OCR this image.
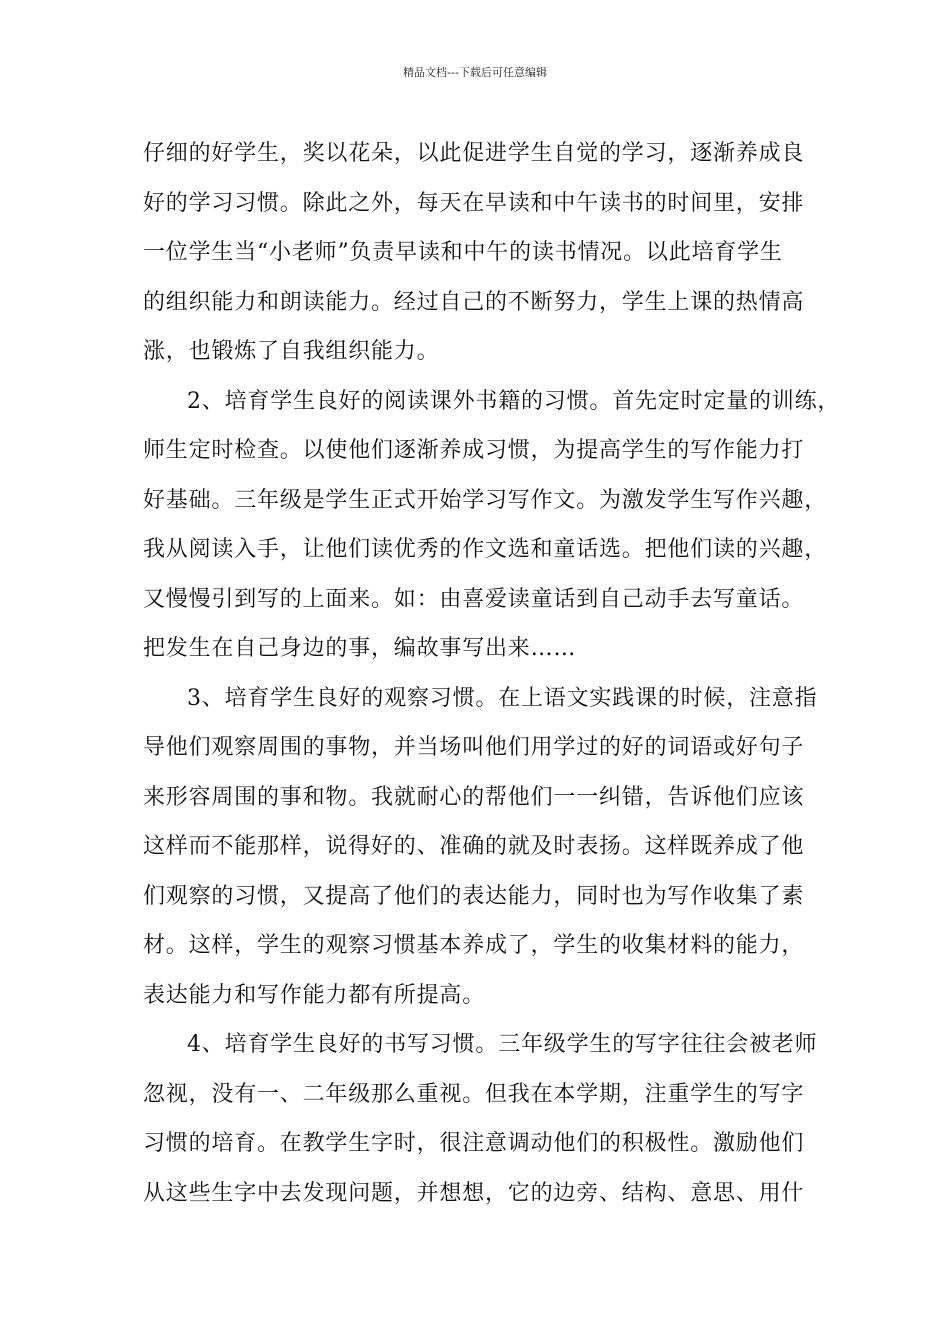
精品文档---下载后可任意编辑
仔细的好学生，奖以花朵，以此促进学生自觉的学习，逐渐养成良
好的学习习惯。除此之外，每天在早读和中午读书的时间里，安排
一位学生当“小老师”负责早读和中午的读书情况。以此培育学生
的组织能力和朗读能力。经过自己的不断努力，学生上课的热情高
涨，也锻炼了自我组织能力。
2、培育学生良好的阅读课外书籍的习惯。首先定时定量的训练，
师生定时检查。以使他们逐渐养成习惯，为提高学生的写作能力打
好基础。三年级是学生正式开始学习写作文。为激发学生写作兴趣，
我从阅读入手，让他们读优秀的作文选和童话选。把他们读的兴趣，
又慢慢引到写的上面来。如：由喜爱读童话到自己动手去写童话。
把发生在自己身边的事，编故事写出来……
3、培育学生良好的观察习惯。在上语文实践课的时候，注意指
导他们观察周围的事物，并当场叫他们用学过的好的词语或好句子
来形容周围的事和物。我就耐心的帮他们一一纠错，告诉他们应该
这样而不能那样，说得好的、准确的就及时表扬。这样既养成了他
们观察的习惯，又提高了他们的表达能力，同时也为写作收集了素
材。这样，学生的观察习惯基本养成了，学生的收集材料的能力，
表达能力和写作能力都有所提高。
4、培育学生良好的书写习惯。三年级学生的写字往往会被老师
忽视，没有一、二年级那么重视。但我在本学期，注重学生的写字
习惯的培育。在教学生字时，很注意调动他们的积极性。激励他们
从这些生字中去发现问题，并想想，它的边旁、结构、意思、用什
